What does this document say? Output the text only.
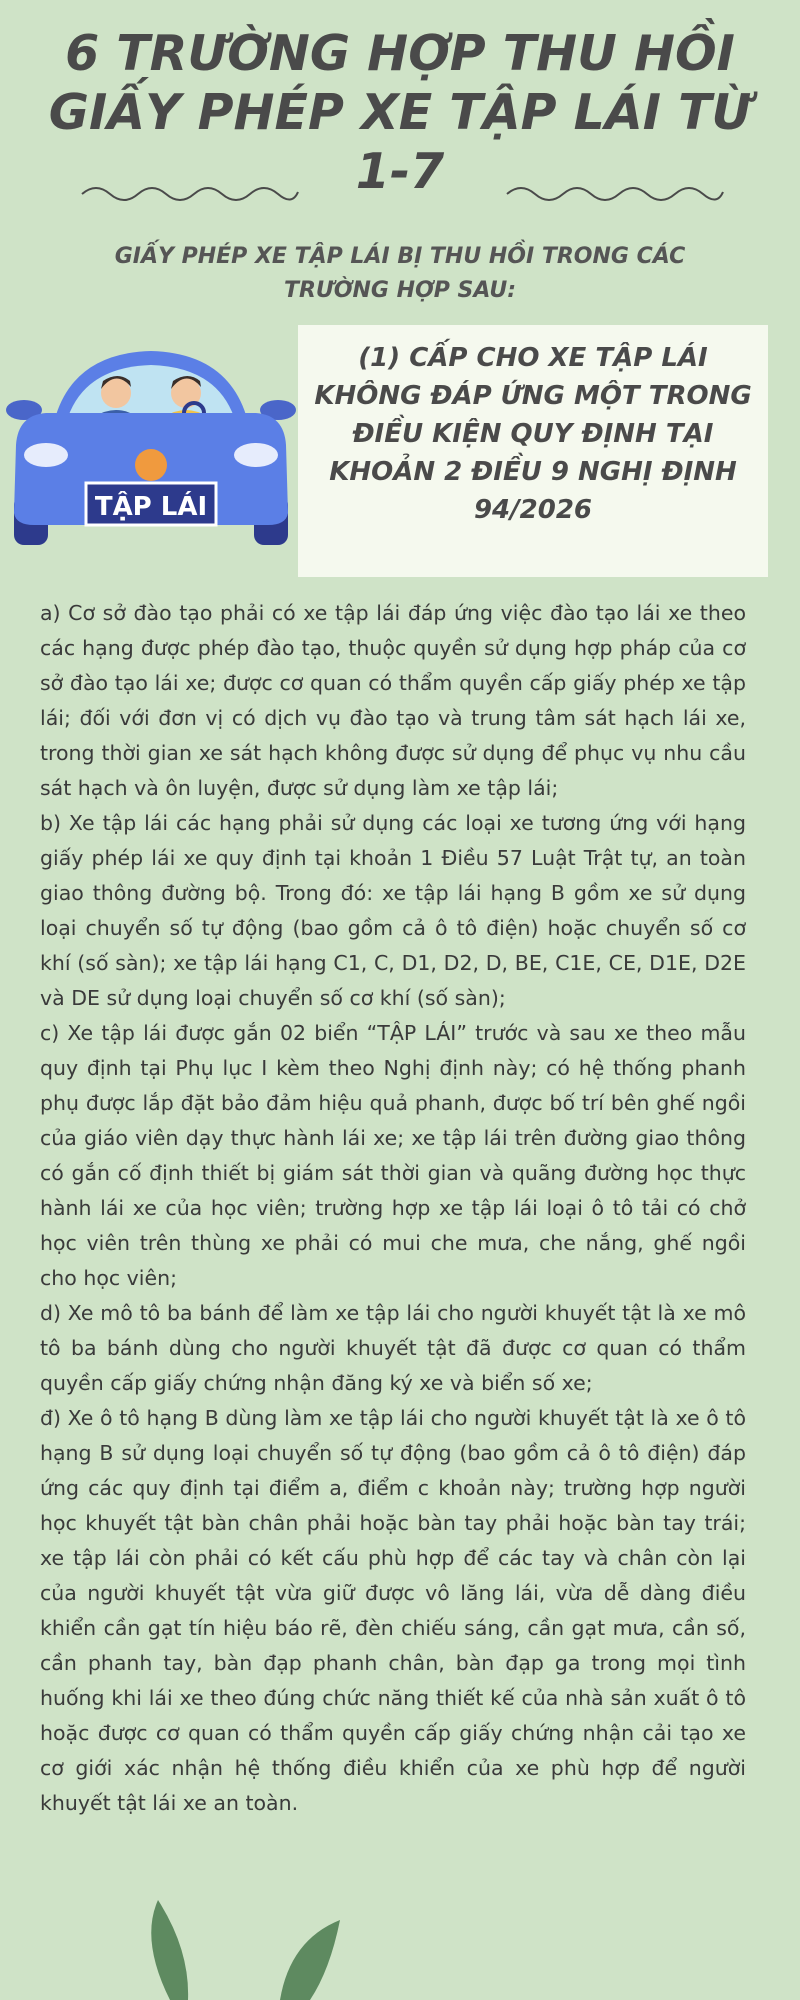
6 TRƯỜNG HỢP THU HỒI GIẤY PHÉP XE TẬP LÁI TỪ 1-7

GIẤY PHÉP XE TẬP LÁI BỊ THU HỒI TRONG CÁC TRƯỜNG HỢP SAU:

TẬP LÁI

(1) CẤP CHO XE TẬP LÁI KHÔNG ĐÁP ỨNG MỘT TRONG ĐIỀU KIỆN QUY ĐỊNH TẠI KHOẢN 2 ĐIỀU 9 NGHỊ ĐỊNH 94/2026

a) Cơ sở đào tạo phải có xe tập lái đáp ứng việc đào tạo lái xe theo các hạng được phép đào tạo, thuộc quyền sử dụng hợp pháp của cơ sở đào tạo lái xe; được cơ quan có thẩm quyền cấp giấy phép xe tập lái; đối với đơn vị có dịch vụ đào tạo và trung tâm sát hạch lái xe, trong thời gian xe sát hạch không được sử dụng để phục vụ nhu cầu sát hạch và ôn luyện, được sử dụng làm xe tập lái;

b) Xe tập lái các hạng phải sử dụng các loại xe tương ứng với hạng giấy phép lái xe quy định tại khoản 1 Điều 57 Luật Trật tự, an toàn giao thông đường bộ. Trong đó: xe tập lái hạng B gồm xe sử dụng loại chuyển số tự động (bao gồm cả ô tô điện) hoặc chuyển số cơ khí (số sàn); xe tập lái hạng C1, C, D1, D2, D, BE, C1E, CE, D1E, D2E và DE sử dụng loại chuyển số cơ khí (số sàn);

c) Xe tập lái được gắn 02 biển “TẬP LÁI” trước và sau xe theo mẫu quy định tại Phụ lục I kèm theo Nghị định này; có hệ thống phanh phụ được lắp đặt bảo đảm hiệu quả phanh, được bố trí bên ghế ngồi của giáo viên dạy thực hành lái xe; xe tập lái trên đường giao thông có gắn cố định thiết bị giám sát thời gian và quãng đường học thực hành lái xe của học viên; trường hợp xe tập lái loại ô tô tải có chở học viên trên thùng xe phải có mui che mưa, che nắng, ghế ngồi cho học viên;

d) Xe mô tô ba bánh để làm xe tập lái cho người khuyết tật là xe mô tô ba bánh dùng cho người khuyết tật đã được cơ quan có thẩm quyền cấp giấy chứng nhận đăng ký xe và biển số xe;

đ) Xe ô tô hạng B dùng làm xe tập lái cho người khuyết tật là xe ô tô hạng B sử dụng loại chuyển số tự động (bao gồm cả ô tô điện) đáp ứng các quy định tại điểm a, điểm c khoản này; trường hợp người học khuyết tật bàn chân phải hoặc bàn tay phải hoặc bàn tay trái; xe tập lái còn phải có kết cấu phù hợp để các tay và chân còn lại của người khuyết tật vừa giữ được vô lăng lái, vừa dễ dàng điều khiển cần gạt tín hiệu báo rẽ, đèn chiếu sáng, cần gạt mưa, cần số, cần phanh tay, bàn đạp phanh chân, bàn đạp ga trong mọi tình huống khi lái xe theo đúng chức năng thiết kế của nhà sản xuất ô tô hoặc được cơ quan có thẩm quyền cấp giấy chứng nhận cải tạo xe cơ giới xác nhận hệ thống điều khiển của xe phù hợp để người khuyết tật lái xe an toàn.
